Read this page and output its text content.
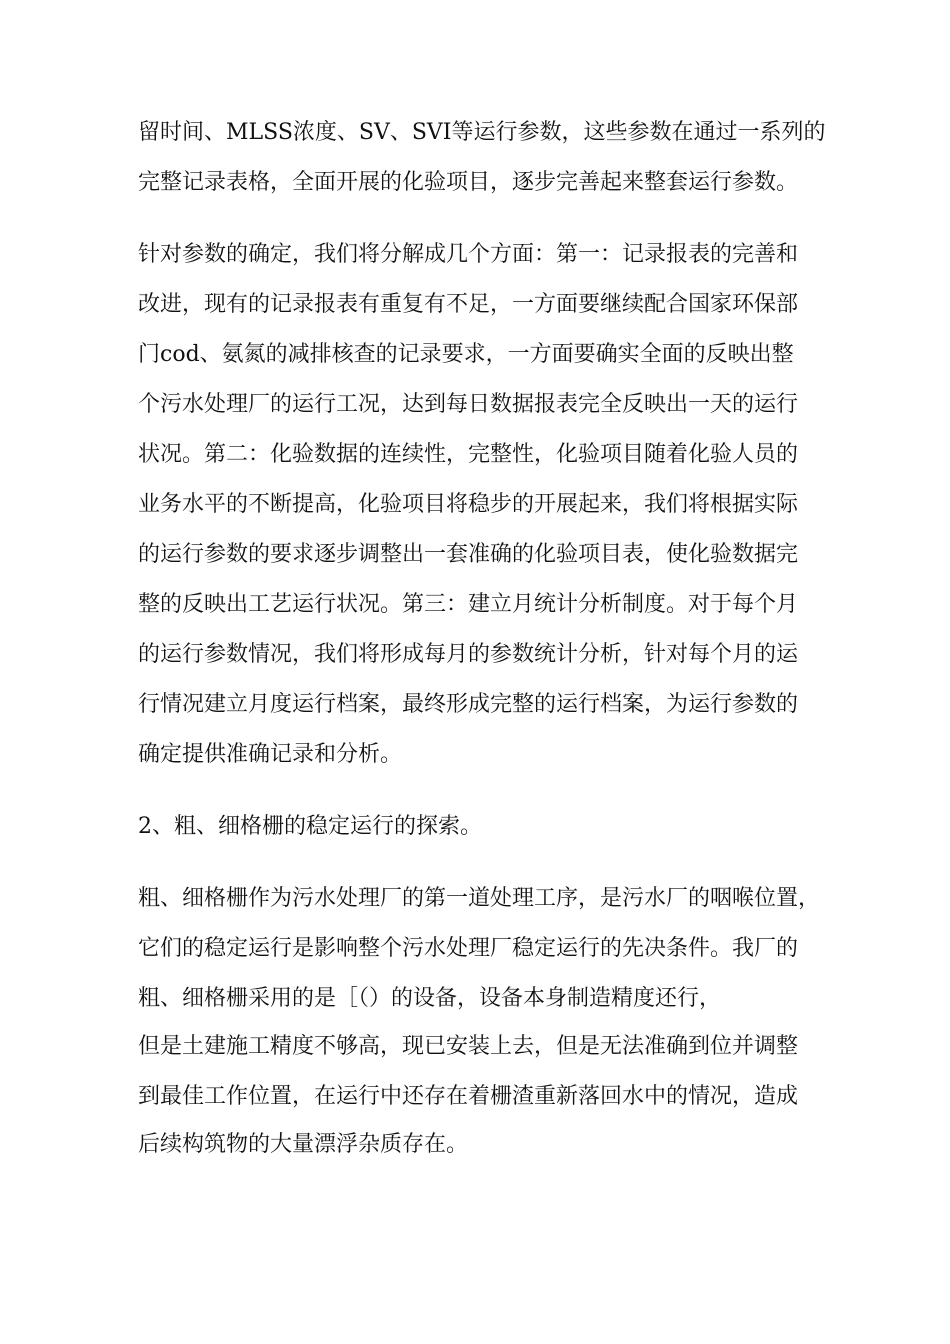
留时间、MLSS浓度、SV、SVI等运行参数，这些参数在通过一系列的
完整记录表格，全面开展的化验项目，逐步完善起来整套运行参数。
针对参数的确定，我们将分解成几个方面：第一：记录报表的完善和
改进，现有的记录报表有重复有不足，一方面要继续配合国家环保部
门cod、氨氮的减排核查的记录要求，一方面要确实全面的反映出整
个污水处理厂的运行工况，达到每日数据报表完全反映出一天的运行
状况。第二：化验数据的连续性，完整性，化验项目随着化验人员的
业务水平的不断提高，化验项目将稳步的开展起来，我们将根据实际
的运行参数的要求逐步调整出一套准确的化验项目表，使化验数据完
整的反映出工艺运行状况。第三：建立月统计分析制度。对于每个月
的运行参数情况，我们将形成每月的参数统计分析，针对每个月的运
行情况建立月度运行档案，最终形成完整的运行档案，为运行参数的
确定提供准确记录和分析。
2、粗、细格栅的稳定运行的探索。
粗、细格栅作为污水处理厂的第一道处理工序，是污水厂的咽喉位置，
它们的稳定运行是影响整个污水处理厂稳定运行的先决条件。我厂的
粗、细格栅采用的是［（）的设备，设备本身制造精度还行，
但是土建施工精度不够高，现已安装上去，但是无法准确到位并调整
到最佳工作位置，在运行中还存在着栅渣重新落回水中的情况，造成
后续构筑物的大量漂浮杂质存在。
